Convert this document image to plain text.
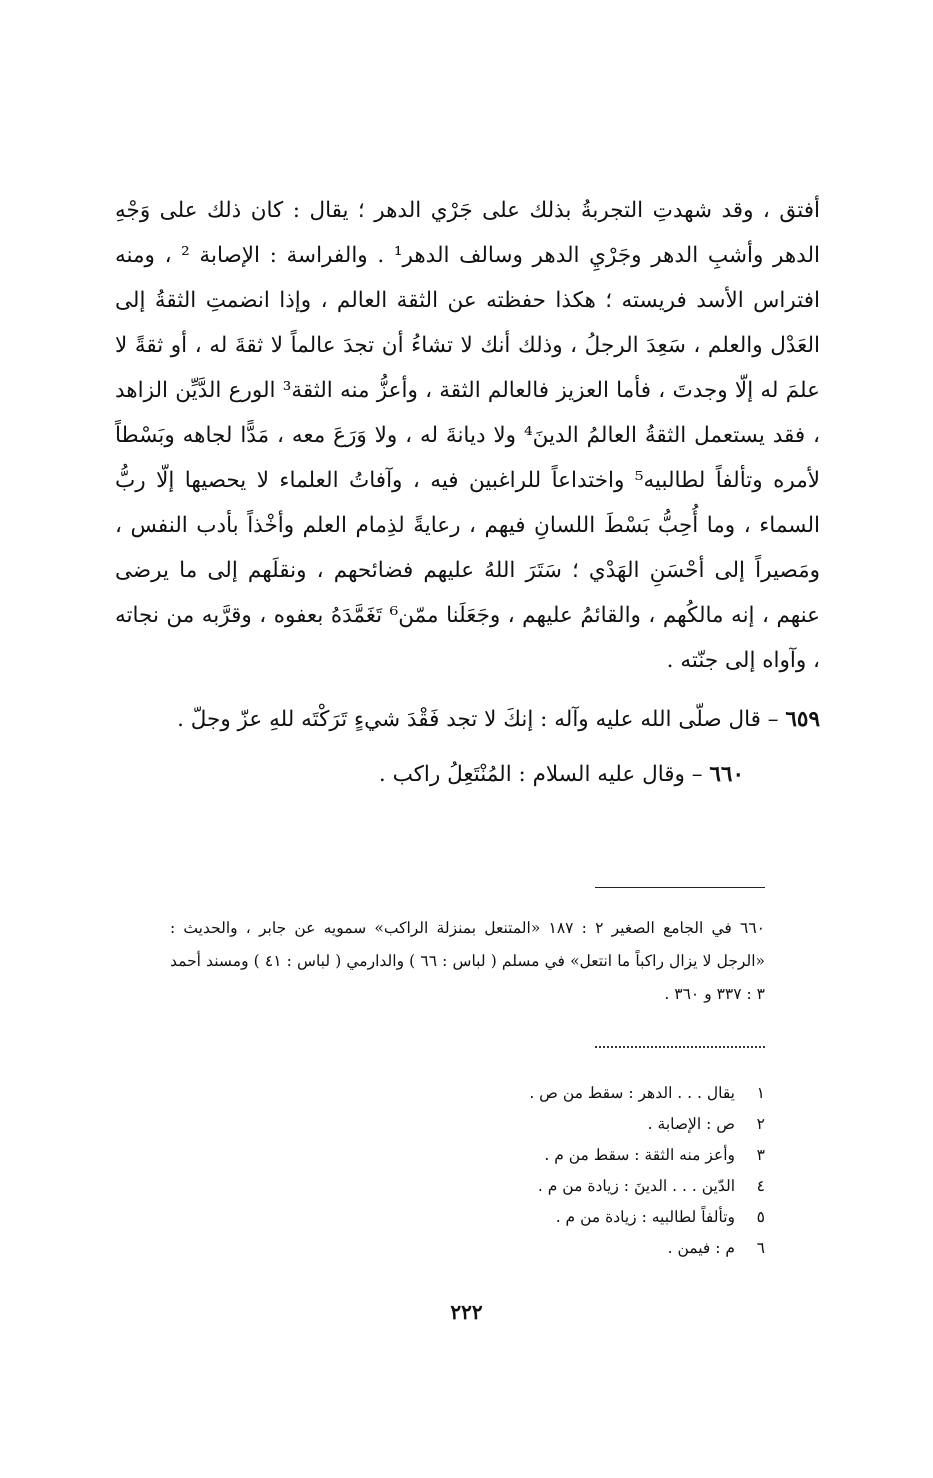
أفتق ، وقد شهدتِ التجربةُ بذلك على جَرْي الدهر ؛ يقال : كان ذلك على وَجْهِ الدهر وأشبِ الدهر وجَرْيِ الدهر وسالف الدهر¹ . والفراسة : الإصابة ² ، ومنه افتراس الأسد فريسته ؛ هكذا حفظته عن الثقة العالم ، وإذا انضمتِ الثقةُ إلى العَدْل والعلم ، سَعِدَ الرجلُ ، وذلك أنك لا تشاءُ أن تجدَ عالماً لا ثقةَ له ، أو ثقةً لا علمَ له إلّا وجدتَ ، فأما العزيز فالعالم الثقة ، وأعزُّ منه الثقة³ الورع الدَّيِّن الزاهد ، فقد يستعمل الثقةُ العالمُ الدينَ⁴ ولا ديانةَ له ، ولا وَرَعَ معه ، مَدًّا لجاهه وبَسْطاً لأمره وتألفاً لطالبيه⁵ واختداعاً للراغبين فيه ، وآفاتُ العلماء لا يحصيها إلّا ربُّ السماء ، وما أُحِبُّ بَسْطَ اللسانِ فيهم ، رعايةً لذِمام العلم وأخْذاً بأدب النفس ، ومَصيراً إلى أحْسَنِ الهَدْي ؛ سَتَرَ اللهُ عليهم فضائحهم ، ونقلَهم إلى ما يرضى عنهم ، إنه مالكُهم ، والقائمُ عليهم ، وجَعَلَنا ممّن⁶ تَغَمَّدَهُ بعفوه ، وقرَّبه من نجاته ، وآواه إلى جنّته .

٦٥٩ – قال صلّى الله عليه وآله : إنكَ لا تجد فَقْدَ شيءٍ تَرَكْتَه للهِ عزّ وجلّ .

٦٦٠ – وقال عليه السلام : المُنْتَعِلُ راكب .

٦٦٠ في الجامع الصغير ٢ : ١٨٧ «المتنعل بمنزلة الراكب» سمويه عن جابر ، والحديث : «الرجل لا يزال راكباً ما انتعل» في مسلم ( لباس : ٦٦ ) والدارمي ( لباس : ٤١ ) ومسند أحمد ٣ : ٣٣٧ و ٣٦٠ .

١يقال . . . الدهر : سقط من ص .
٢ص : الإصابة .
٣وأعز منه الثقة : سقط من م .
٤الدّين . . . الدينَ : زيادة من م .
٥وتألفاً لطالبيه : زيادة من م .
٦م : فيمن .
٢٢٢
